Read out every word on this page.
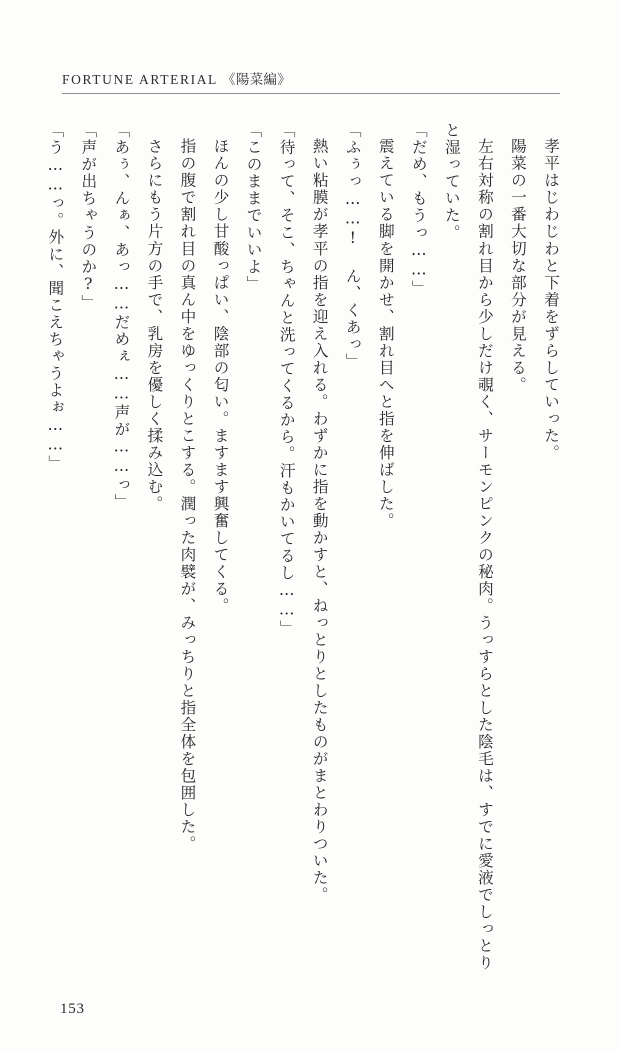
FORTUNE ARTERIAL 《陽菜編》

孝平はじわじわと下着をずらしていった。

陽菜の一番大切な部分が見える。

左右対称の割れ目から少しだけ覗く、サーモンピンクの秘肉。うっすらとした陰毛は、すでに愛液でしっとりと湿っていた。

「だめ、もうっ……」

震えている脚を開かせ、割れ目へと指を伸ばした。

「ふぅっ……! ん、くあっ」

熱い粘膜が孝平の指を迎え入れる。わずかに指を動かすと、ねっとりとしたものがまとわりついた。

「待って、そこ、ちゃんと洗ってくるから。汗もかいてるし……」

「このままでいいよ」

ほんの少し甘酸っぱい、陰部の匂い。ますます興奮してくる。

指の腹で割れ目の真ん中をゆっくりとこする。潤った肉襞が、みっちりと指全体を包囲した。

さらにもう片方の手で、乳房を優しく揉み込む。

「あぅ、んぁ、あっ……だめぇ……声が……っ」

「声が出ちゃうのか?」

「う……っ。外に、聞こえちゃうよぉ……」

153
